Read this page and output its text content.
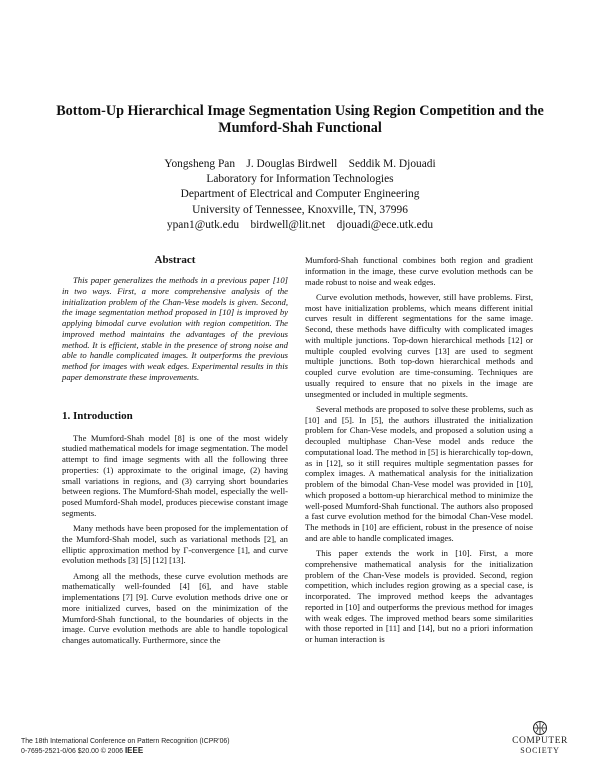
Bottom-Up Hierarchical Image Segmentation Using Region Competition and the
Mumford-Shah Functional
Yongsheng Pan    J. Douglas Birdwell    Seddik M. Djouadi
Laboratory for Information Technologies
Department of Electrical and Computer Engineering
University of Tennessee, Knoxville, TN, 37996
ypan1@utk.edu    birdwell@lit.net    djouadi@ece.utk.edu
Abstract

This paper generalizes the methods in a previous paper [10] in two ways. First, a more comprehensive analysis of the initialization problem of the Chan-Vese models is given. Second, the image segmentation method proposed in [10] is improved by applying bimodal curve evolution with region competition. The improved method maintains the advantages of the previous method. It is efficient, stable in the presence of strong noise and able to handle complicated images. It outperforms the previous method for images with weak edges. Experimental results in this paper demonstrate these improvements.

1. Introduction

The Mumford-Shah model [8] is one of the most widely studied mathematical models for image segmentation. The model attempt to find image segments with all the following three properties: (1) approximate to the original image, (2) having small variations in regions, and (3) carrying short boundaries between regions. The Mumford-Shah model, especially the well-posed Mumford-Shah model, produces piecewise constant image segments.

Many methods have been proposed for the implementation of the Mumford-Shah model, such as variational methods [2], an elliptic approximation method by Γ-convergence [1], and curve evolution methods [3] [5] [12] [13].

Among all the methods, these curve evolution methods are mathematically well-founded [4] [6], and have stable implementations [7] [9]. Curve evolution methods drive one or more initialized curves, based on the minimization of the Mumford-Shah functional, to the boundaries of objects in the image. Curve evolution methods are able to handle topological changes automatically. Furthermore, since the

Mumford-Shah functional combines both region and gradient information in the image, these curve evolution methods can be made robust to noise and weak edges.

Curve evolution methods, however, still have problems. First, most have initialization problems, which means different initial curves result in different segmentations for the same image. Second, these methods have difficulty with complicated images with multiple junctions. Top-down hierarchical methods [12] or multiple coupled evolving curves [13] are used to segment multiple junctions. Both top-down hierarchical methods and coupled curve evolution are time-consuming. Techniques are usually required to ensure that no pixels in the image are unsegmented or included in multiple segments.

Several methods are proposed to solve these problems, such as [10] and [5]. In [5], the authors illustrated the initialization problem for Chan-Vese models, and proposed a solution using a decoupled multiphase Chan-Vese model ands reduce the computational load. The method in [5] is hierarchically top-down, as in [12], so it still requires multiple segmentation passes for complex images. A mathematical analysis for the initialization problem of the bimodal Chan-Vese model was provided in [10], which proposed a bottom-up hierarchical method to minimize the well-posed Mumford-Shah functional. The authors also proposed a fast curve evolution method for the bimodal Chan-Vese model. The methods in [10] are efficient, robust in the presence of noise and are able to handle complicated images.

This paper extends the work in [10]. First, a more comprehensive mathematical analysis for the initialization problem of the Chan-Vese models is provided. Second, region competition, which includes region growing as a special case, is incorporated. The improved method keeps the advantages reported in [10] and outperforms the previous method for images with weak edges. The improved method bears some similarities with those reported in [11] and [14], but no a priori information or human interaction is

The 18th International Conference on Pattern Recognition (ICPR'06)
0-7695-2521-0/06 $20.00 © 2006 IEEE
COMPUTER
SOCIETY
